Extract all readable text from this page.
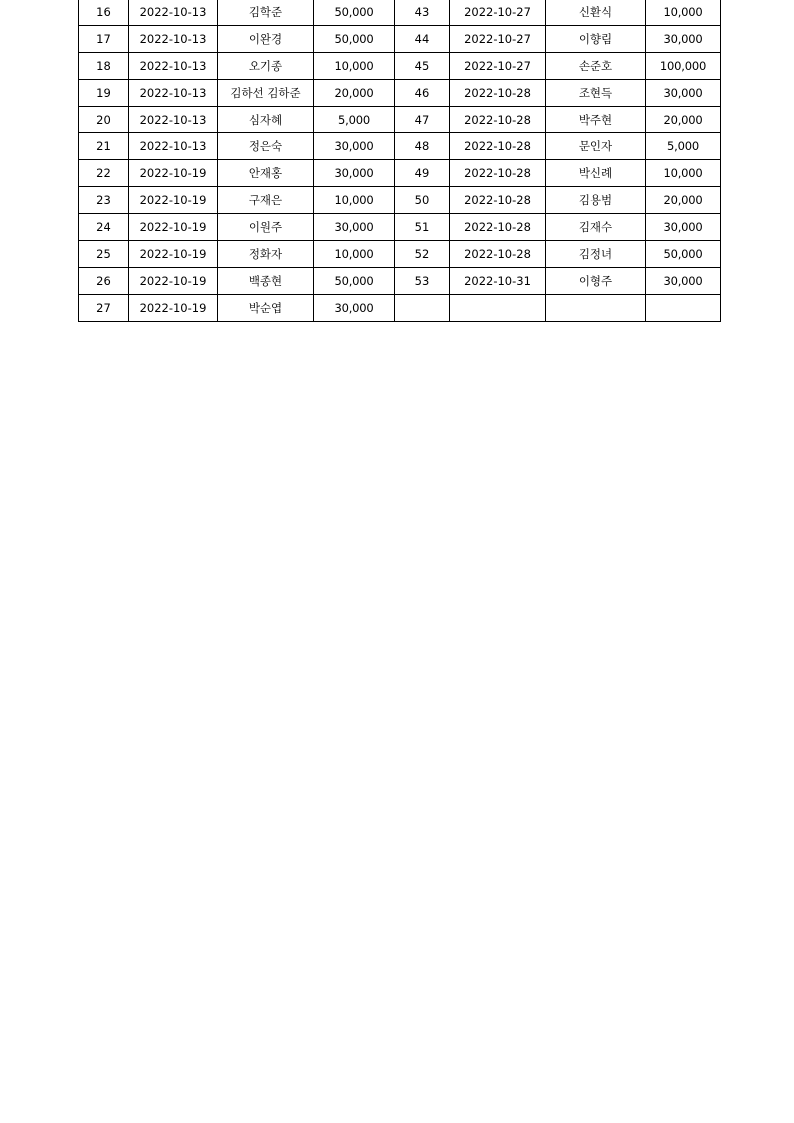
16	2022-10-13	김학준	50,000	43	2022-10-27	신환식	10,000
17	2022-10-13	이완경	50,000	44	2022-10-27	이향림	30,000
18	2022-10-13	오기종	10,000	45	2022-10-27	손준호	100,000
19	2022-10-13	김하선 김하준	20,000	46	2022-10-28	조현득	30,000
20	2022-10-13	심자혜	5,000	47	2022-10-28	박주현	20,000
21	2022-10-13	정은숙	30,000	48	2022-10-28	문인자	5,000
22	2022-10-19	안재홍	30,000	49	2022-10-28	박신례	10,000
23	2022-10-19	구재은	10,000	50	2022-10-28	김용범	20,000
24	2022-10-19	이원주	30,000	51	2022-10-28	김재수	30,000
25	2022-10-19	정화자	10,000	52	2022-10-28	김정녀	50,000
26	2022-10-19	백종현	50,000	53	2022-10-31	이형주	30,000
27	2022-10-19	박순엽	30,000				
